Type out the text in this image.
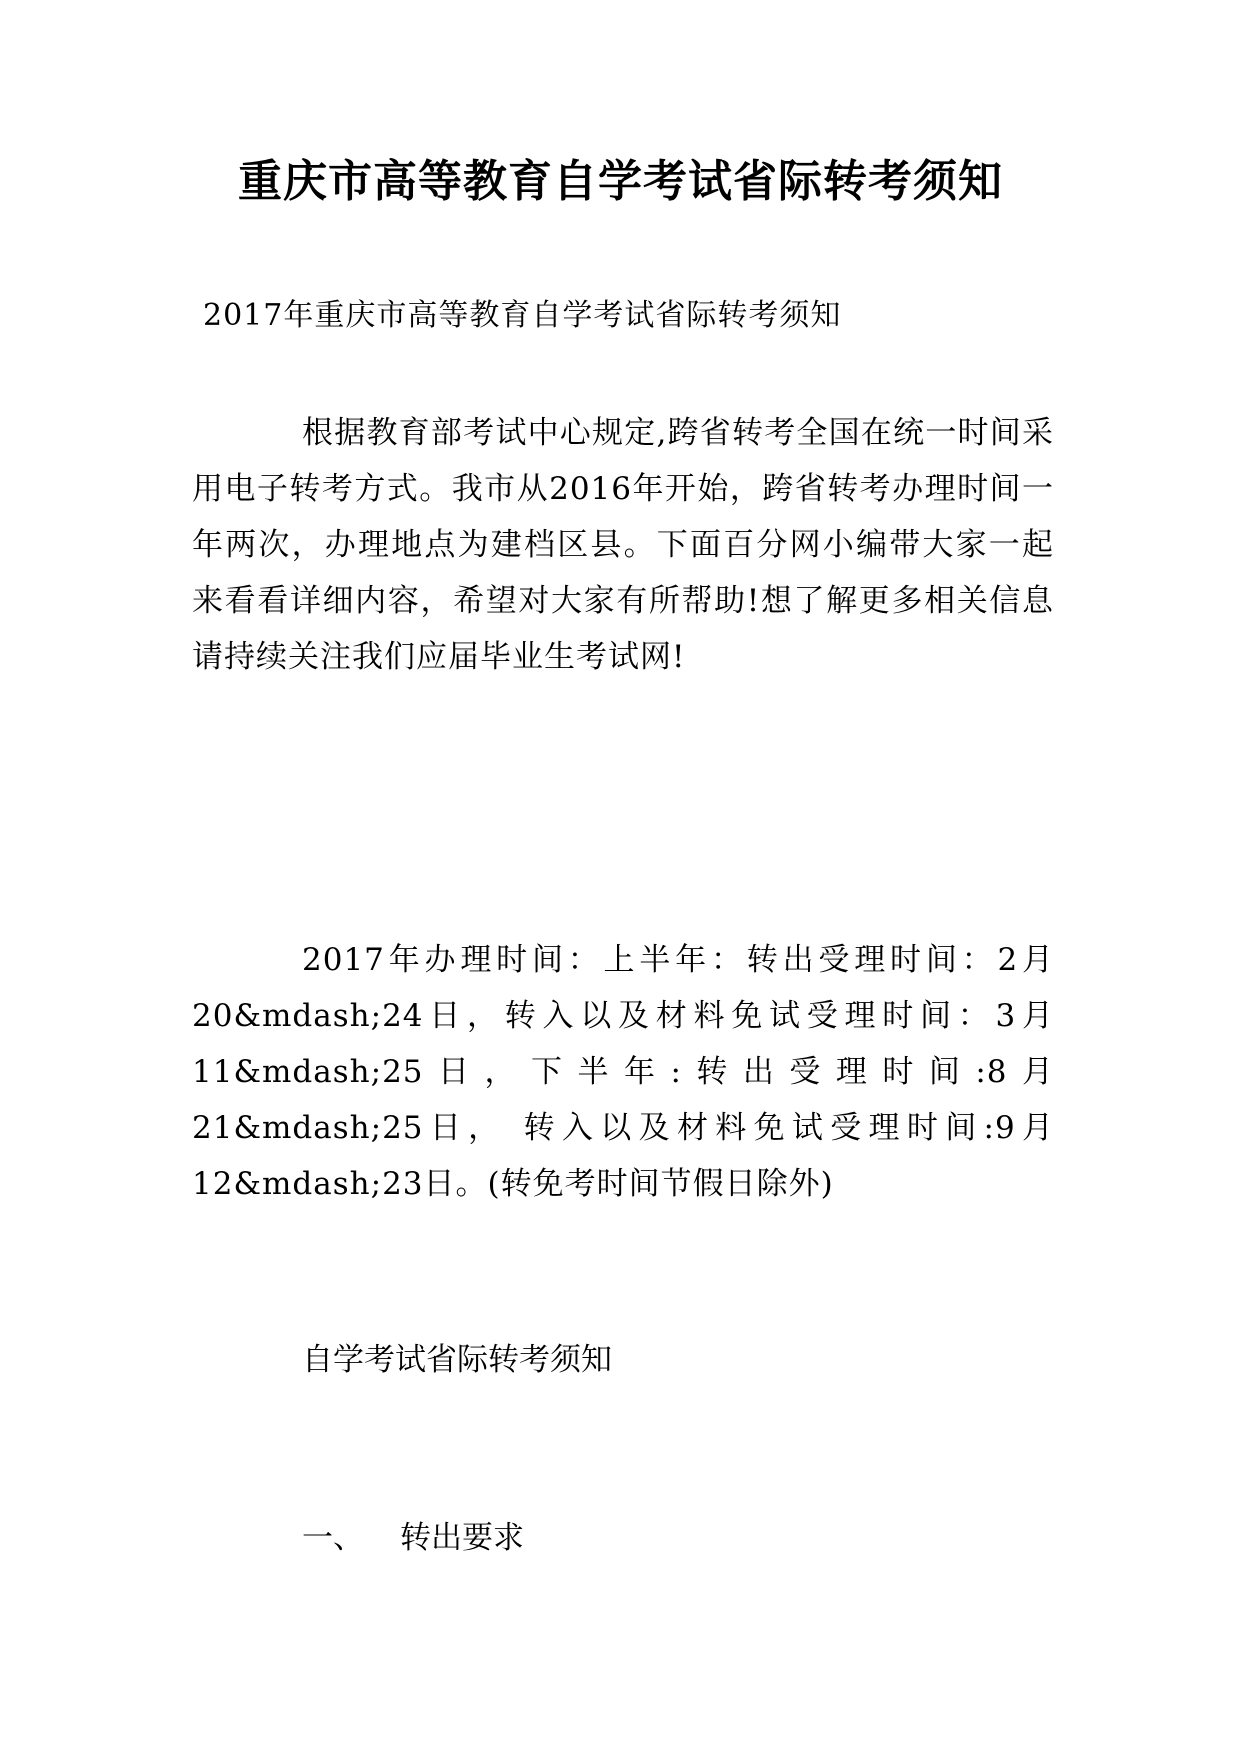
重庆市高等教育自学考试省际转考须知

2017年重庆市高等教育自学考试省际转考须知

根据教育部考试中心规定,跨省转考全国在统一时间采用电子转考方式。我市从2016年开始，跨省转考办理时间一年两次，办理地点为建档区县。下面百分网小编带大家一起来看看详细内容，希望对大家有所帮助!想了解更多相关信息请持续关注我们应届毕业生考试网!

2017年办理时间：上半年：转出受理时间：2月20&mdash;24日，转入以及材料免试受理时间：3月11&mdash;25日，下半年:转出受理时间:8月21&mdash;25日， 转入以及材料免试受理时间:9月12&mdash;23日。(转免考时间节假日除外)

自学考试省际转考须知

一、 转出要求
